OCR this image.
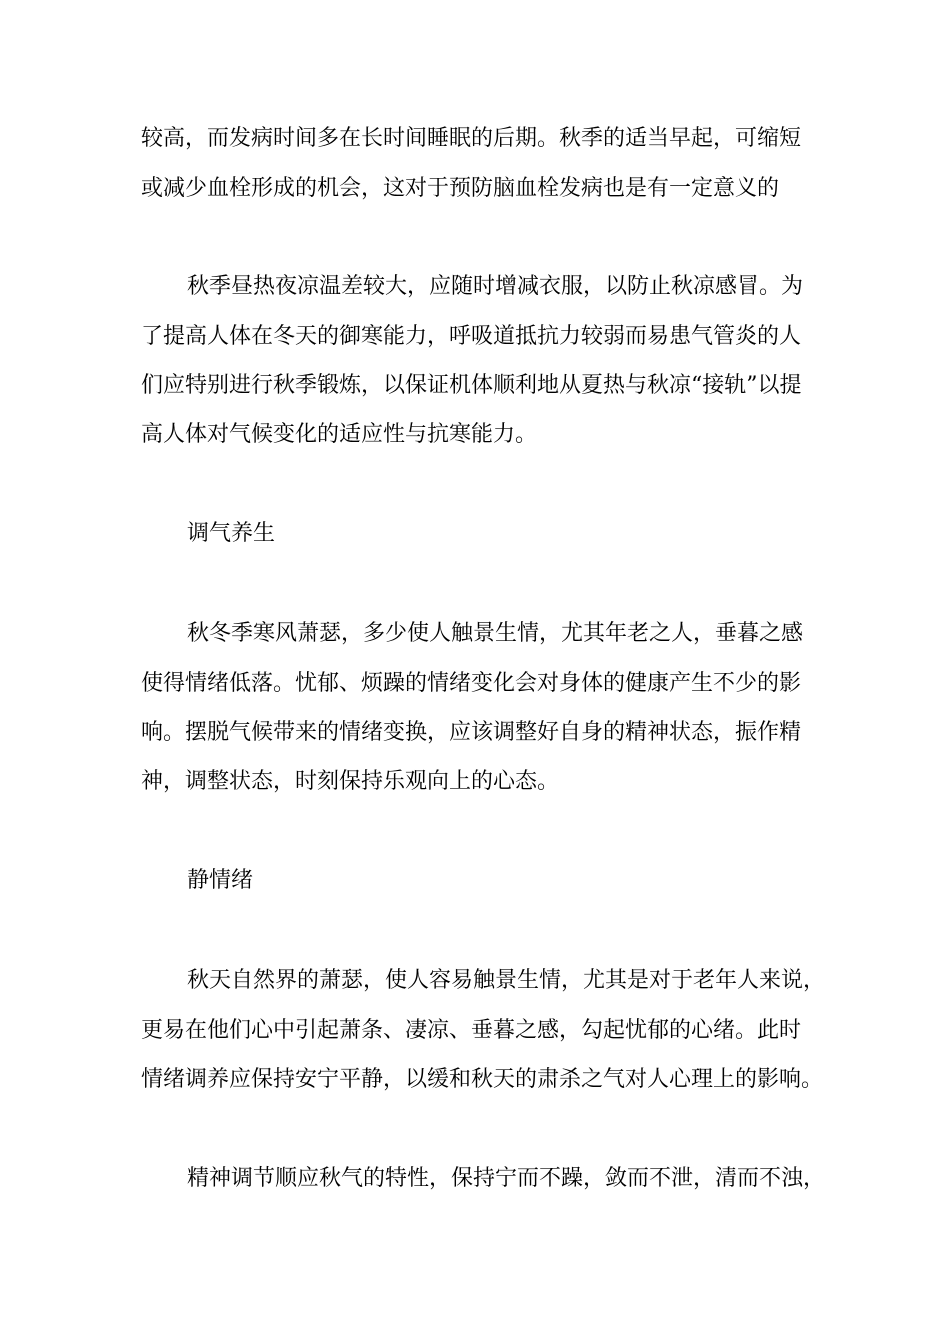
较高，而发病时间多在长时间睡眠的后期。秋季的适当早起，可缩短

或减少血栓形成的机会，这对于预防脑血栓发病也是有一定意义的

秋季昼热夜凉温差较大，应随时增减衣服，以防止秋凉感冒。为

了提高人体在冬天的御寒能力，呼吸道抵抗力较弱而易患气管炎的人

们应特别进行秋季锻炼，以保证机体顺利地从夏热与秋凉“接轨”以提

高人体对气候变化的适应性与抗寒能力。

调气养生

秋冬季寒风萧瑟，多少使人触景生情，尤其年老之人，垂暮之感

使得情绪低落。忧郁、烦躁的情绪变化会对身体的健康产生不少的影

响。摆脱气候带来的情绪变换，应该调整好自身的精神状态，振作精

神，调整状态，时刻保持乐观向上的心态。

静情绪

秋天自然界的萧瑟，使人容易触景生情，尤其是对于老年人来说，

更易在他们心中引起萧条、凄凉、垂暮之感，勾起忧郁的心绪。此时

情绪调养应保持安宁平静，以缓和秋天的肃杀之气对人心理上的影响。

精神调节顺应秋气的特性，保持宁而不躁，敛而不泄，清而不浊，
